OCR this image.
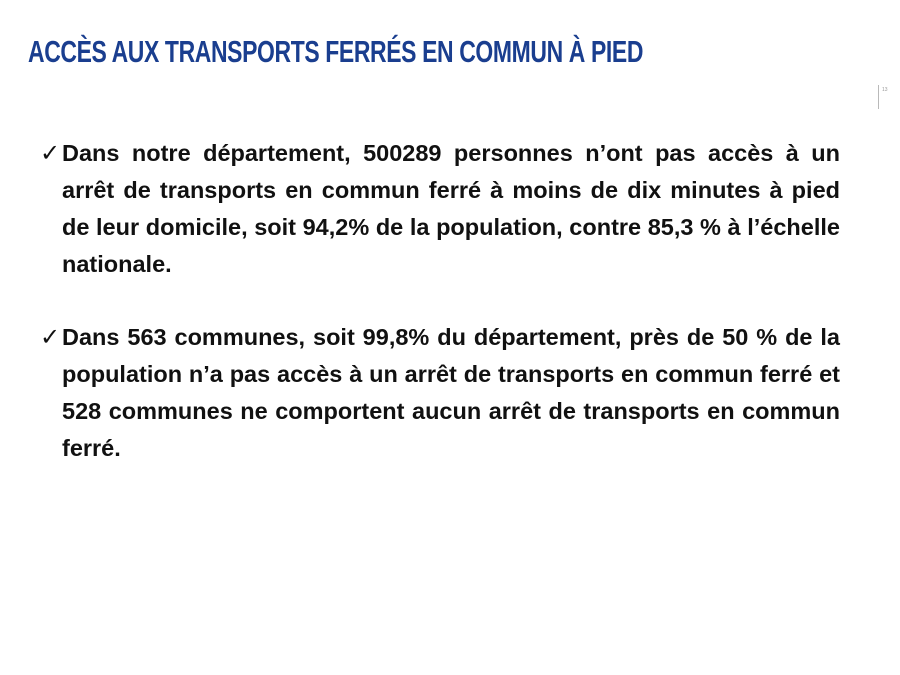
ACCÈS AUX TRANSPORTS FERRÉS EN COMMUN À PIED
13
✓ Dans notre département, 500289 personnes n’ont pas accès à un arrêt de transports en commun ferré à moins de dix minutes à pied de leur domicile, soit 94,2% de la population, contre 85,3 % à l’échelle nationale.
✓ Dans 563 communes, soit 99,8% du département, près de 50 % de la population n’a pas accès à un arrêt de transports en commun ferré et 528 communes ne comportent aucun arrêt de transports en commun ferré.
